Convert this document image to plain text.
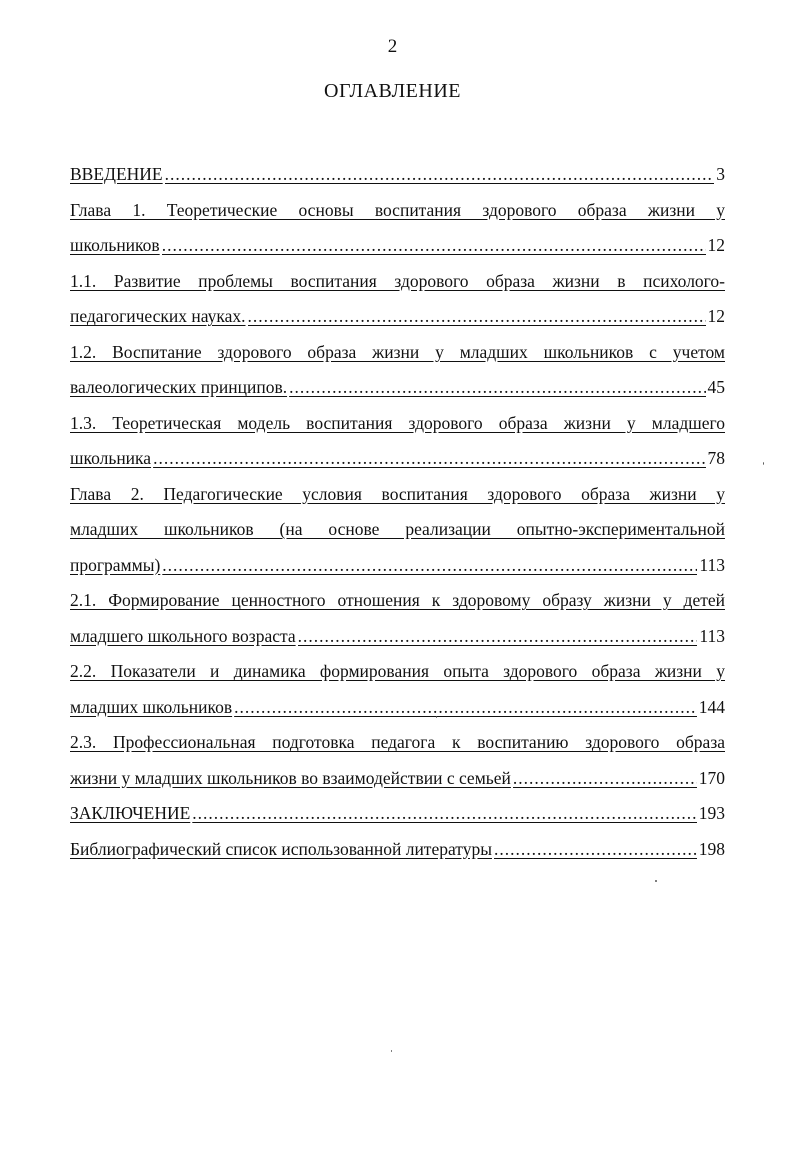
2
ОГЛАВЛЕНИЕ
ВВЕДЕНИЕ .....	3
Глава 1. Теоретические основы воспитания здорового образа жизни у
школьников .....	12
1.1. Развитие проблемы воспитания здорового образа жизни в психолого-
педагогических науках. .....	12
1.2. Воспитание здорового образа жизни у младших школьников с учетом
валеологических принципов. .....	45
1.3. Теоретическая модель воспитания здорового образа жизни у младшего
школьника .....	78
Глава 2. Педагогические условия воспитания здорового образа жизни у
младших школьников (на основе реализации опытно-экспериментальной
программы) .....	113
2.1. Формирование ценностного отношения к здоровому образу жизни у детей
младшего школьного возраста .....	113
2.2. Показатели и динамика формирования опыта здорового образа жизни у
младших школьников .....	144
2.3. Профессиональная подготовка педагога к воспитанию здорового образа
жизни у младших школьников во взаимодействии с семьей .....	170
ЗАКЛЮЧЕНИЕ .....	193
Библиографический список использованной литературы .....	198
